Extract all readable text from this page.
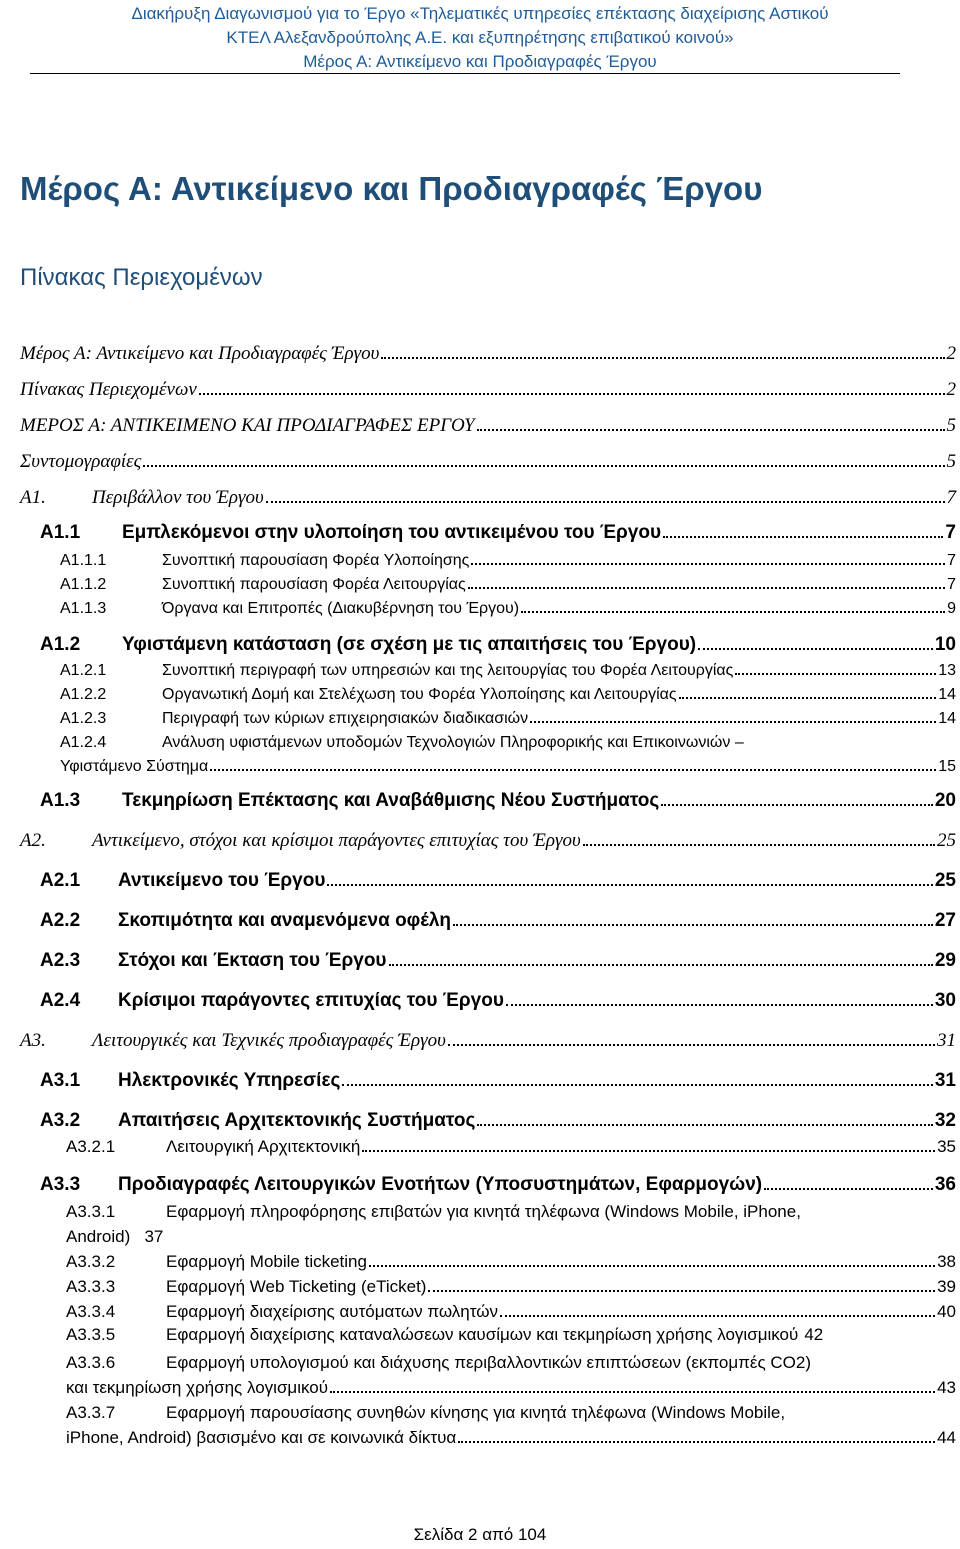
Διακήρυξη Διαγωνισμού για το Έργο «Τηλεματικές υπηρεσίες επέκτασης διαχείρισης Αστικού
ΚΤΕΛ Αλεξανδρούπολης Α.Ε. και εξυπηρέτησης επιβατικού κοινού»
Μέρος Α: Αντικείμενο και Προδιαγραφές Έργου
Μέρος Α: Αντικείμενο και Προδιαγραφές Έργου
Πίνακας Περιεχομένων
Μέρος Α: Αντικείμενο και Προδιαγραφές Έργου	2
Πίνακας Περιεχομένων	2
ΜΕΡΟΣ Α: ΑΝΤΙΚΕΙΜΕΝΟ ΚΑΙ ΠΡΟΔΙΑΓΡΑΦΕΣ ΕΡΓΟΥ	5
Συντομογραφίες	5
Α1.	Περιβάλλον του Έργου	7
Α1.1	Εμπλεκόμενοι στην υλοποίηση του αντικειμένου του Έργου	7
Α1.1.1	Συνοπτική παρουσίαση Φορέα Υλοποίησης	7
Α1.1.2	Συνοπτική παρουσίαση Φορέα Λειτουργίας	7
Α1.1.3	Όργανα και Επιτροπές (Διακυβέρνηση του Έργου)	9
Α1.2	Υφιστάμενη κατάσταση (σε σχέση με τις απαιτήσεις του Έργου)	10
Α1.2.1	Συνοπτική περιγραφή των υπηρεσιών και της λειτουργίας του Φορέα Λειτουργίας	13
Α1.2.2	Οργανωτική Δομή και Στελέχωση του Φορέα Υλοποίησης και Λειτουργίας	14
Α1.2.3	Περιγραφή των κύριων επιχειρησιακών διαδικασιών	14
Α1.2.4	Ανάλυση υφιστάμενων υποδομών Τεχνολογιών Πληροφορικής και Επικοινωνιών –
Υφιστάμενο Σύστημα	15
Α1.3	Τεκμηρίωση Επέκτασης και Αναβάθμισης Νέου Συστήματος	20
Α2.	Αντικείμενο, στόχοι και κρίσιμοι παράγοντες επιτυχίας του Έργου	25
Α2.1	Αντικείμενο του Έργου	25
Α2.2	Σκοπιμότητα και αναμενόμενα οφέλη	27
Α2.3	Στόχοι και Έκταση του Έργου	29
Α2.4	Κρίσιμοι παράγοντες επιτυχίας του Έργου	30
Α3.	Λειτουργικές και Τεχνικές προδιαγραφές Έργου	31
Α3.1	Ηλεκτρονικές Υπηρεσίες	31
Α3.2	Απαιτήσεις Αρχιτεκτονικής Συστήματος	32
Α3.2.1	Λειτουργική Αρχιτεκτονική	35
Α3.3	Προδιαγραφές Λειτουργικών Ενοτήτων (Υποσυστημάτων, Εφαρμογών)	36
Α3.3.1	Εφαρμογή πληροφόρησης επιβατών για κινητά τηλέφωνα (Windows Mobile, iPhone,
Android) 37
Α3.3.2	Εφαρμογή Mobile ticketing	38
Α3.3.3	Εφαρμογή Web Ticketing (eTicket)	39
Α3.3.4	Εφαρμογή διαχείρισης αυτόματων πωλητών	40
Α3.3.5	Εφαρμογή διαχείρισης καταναλώσεων καυσίμων και τεκμηρίωση χρήσης λογισμικού 42
Α3.3.6	Εφαρμογή υπολογισμού και διάχυσης περιβαλλοντικών επιπτώσεων (εκπομπές CO2)
και τεκμηρίωση χρήσης λογισμικού	43
Α3.3.7	Εφαρμογή παρουσίασης συνηθών κίνησης για κινητά τηλέφωνα (Windows Mobile,
iPhone, Android) βασισμένο και σε κοινωνικά δίκτυα	44
Σελίδα 2 από 104
